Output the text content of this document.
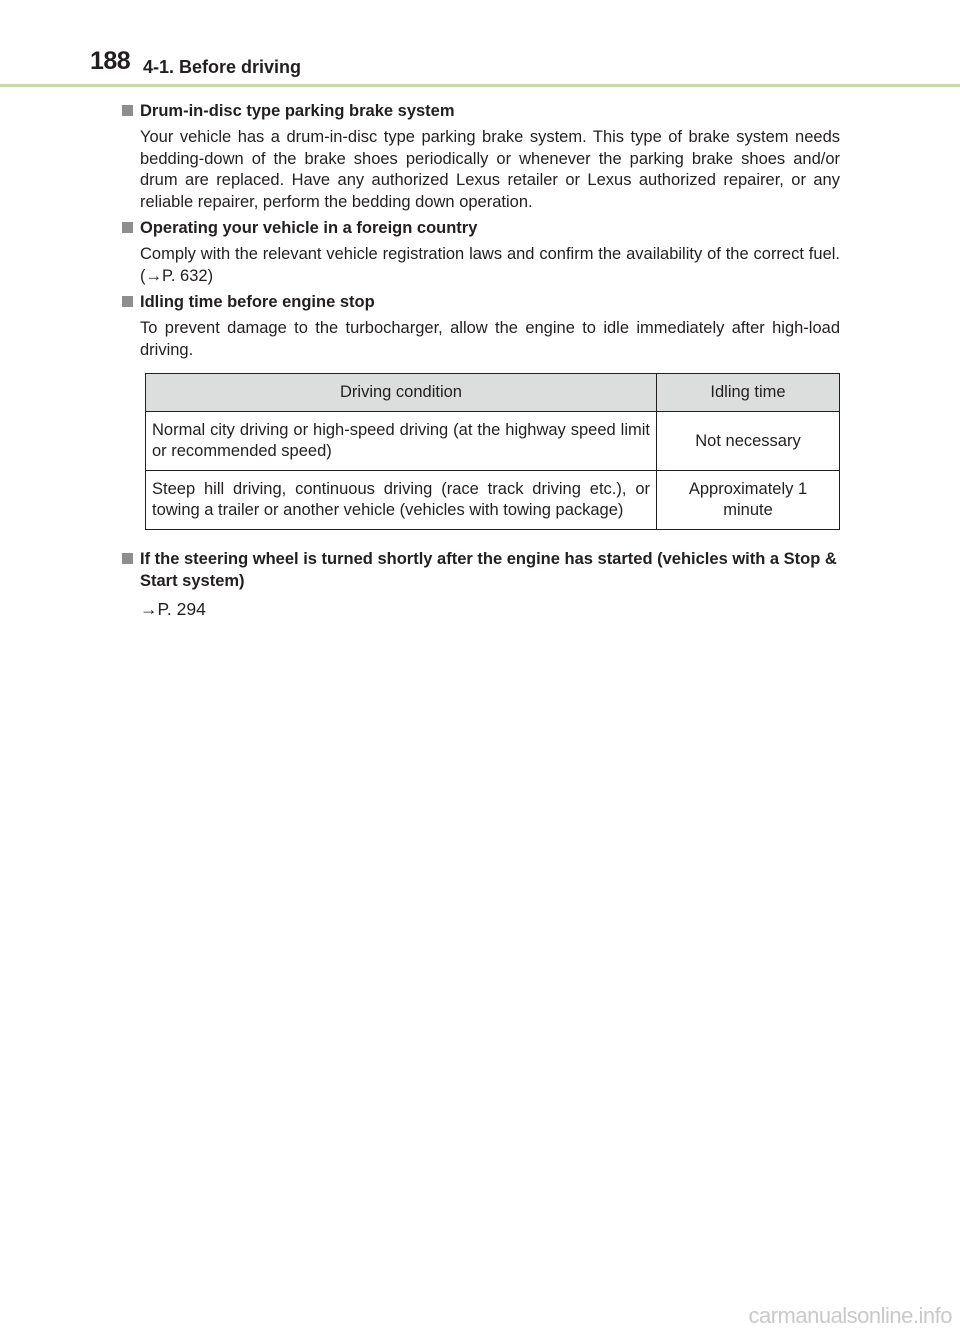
188 4-1. Before driving
Drum-in-disc type parking brake system
Your vehicle has a drum-in-disc type parking brake system. This type of brake system needs bedding-down of the brake shoes periodically or whenever the parking brake shoes and/or drum are replaced. Have any authorized Lexus retailer or Lexus authorized repairer, or any reliable repairer, perform the bedding down operation.
Operating your vehicle in a foreign country
Comply with the relevant vehicle registration laws and confirm the availability of the correct fuel. (→P. 632)
Idling time before engine stop
To prevent damage to the turbocharger, allow the engine to idle immediately after high-load driving.
Driving condition	Idling time
Normal city driving or high-speed driving (at the highway speed limit or recommended speed)	Not necessary
Steep hill driving, continuous driving (race track driving etc.), or towing a trailer or another vehicle (vehicles with towing package)	Approximately 1 minute
If the steering wheel is turned shortly after the engine has started (vehicles with a Stop & Start system)
→P. 294
carmanualsonline.info
